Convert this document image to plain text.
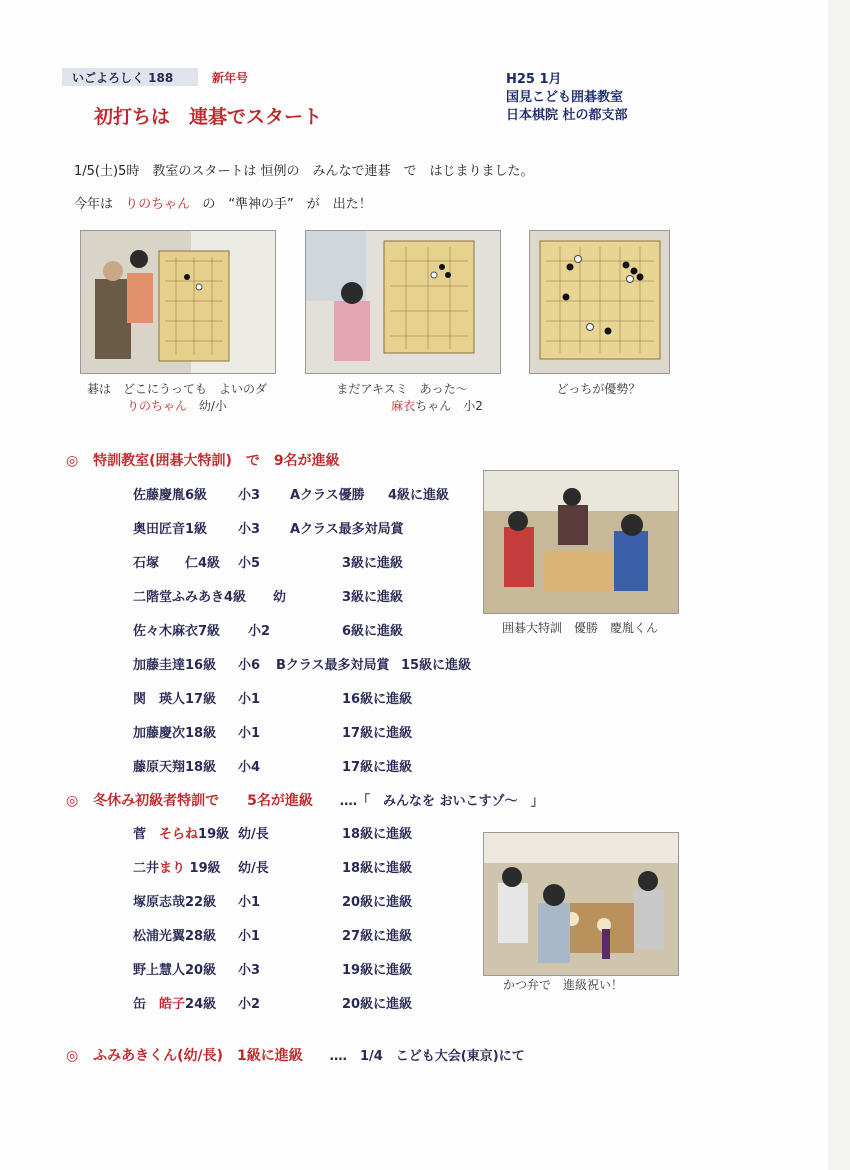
いごよろしく 188	新年号
初打ちは　連碁でスタート
H25 1月
国見こども囲碁教室
日本棋院 杜の都支部
1/5(土)5時　教室のスタートは 恒例の　みんなで連碁　で　はじまりました。
今年は りのちゃん の　“準神の手”　が　出た！
碁は　どこにうっても　よいのダ
りのちゃん 幼/小
まだアキスミ　あった～
麻衣ちゃん　小2
どっちが優勢？
◎ 特訓教室(囲碁大特訓)　で　9名が進級
佐藤慶胤6級 小3 Aクラス優勝 4級に進級
奥田匠音1級 小3 Aクラス最多対局賞
石塚　　仁4級 小5	3級に進級
二階堂ふみあき4級 幼	3級に進級
佐々木麻衣7級 小2	6級に進級
加藤圭達16級 小6 Bクラス最多対局賞 15級に進級
関　瑛人17級 小1	16級に進級
加藤慶次18級 小1	17級に進級
藤原天翔18級 小4	17級に進級
囲碁大特訓　優勝　慶胤くん
◎ 冬休み初級者特訓で　　5名が進級 ‥‥「　みんなを おいこすゾ～　」
菅　 そらね19級 幼/長	18級に進級
二井まり 19級 幼/長	18級に進級
塚原志哉22級 小1	20級に進級
松浦光翼28級 小1	27級に進級
野上慧人20級 小3	19級に進級
缶　 皓子24級 小2	20級に進級
かつ弁で　進級祝い！
◎ ふみあきくん(幼/長)　1級に進級 ‥‥　1/4　こども大会(東京)にて
